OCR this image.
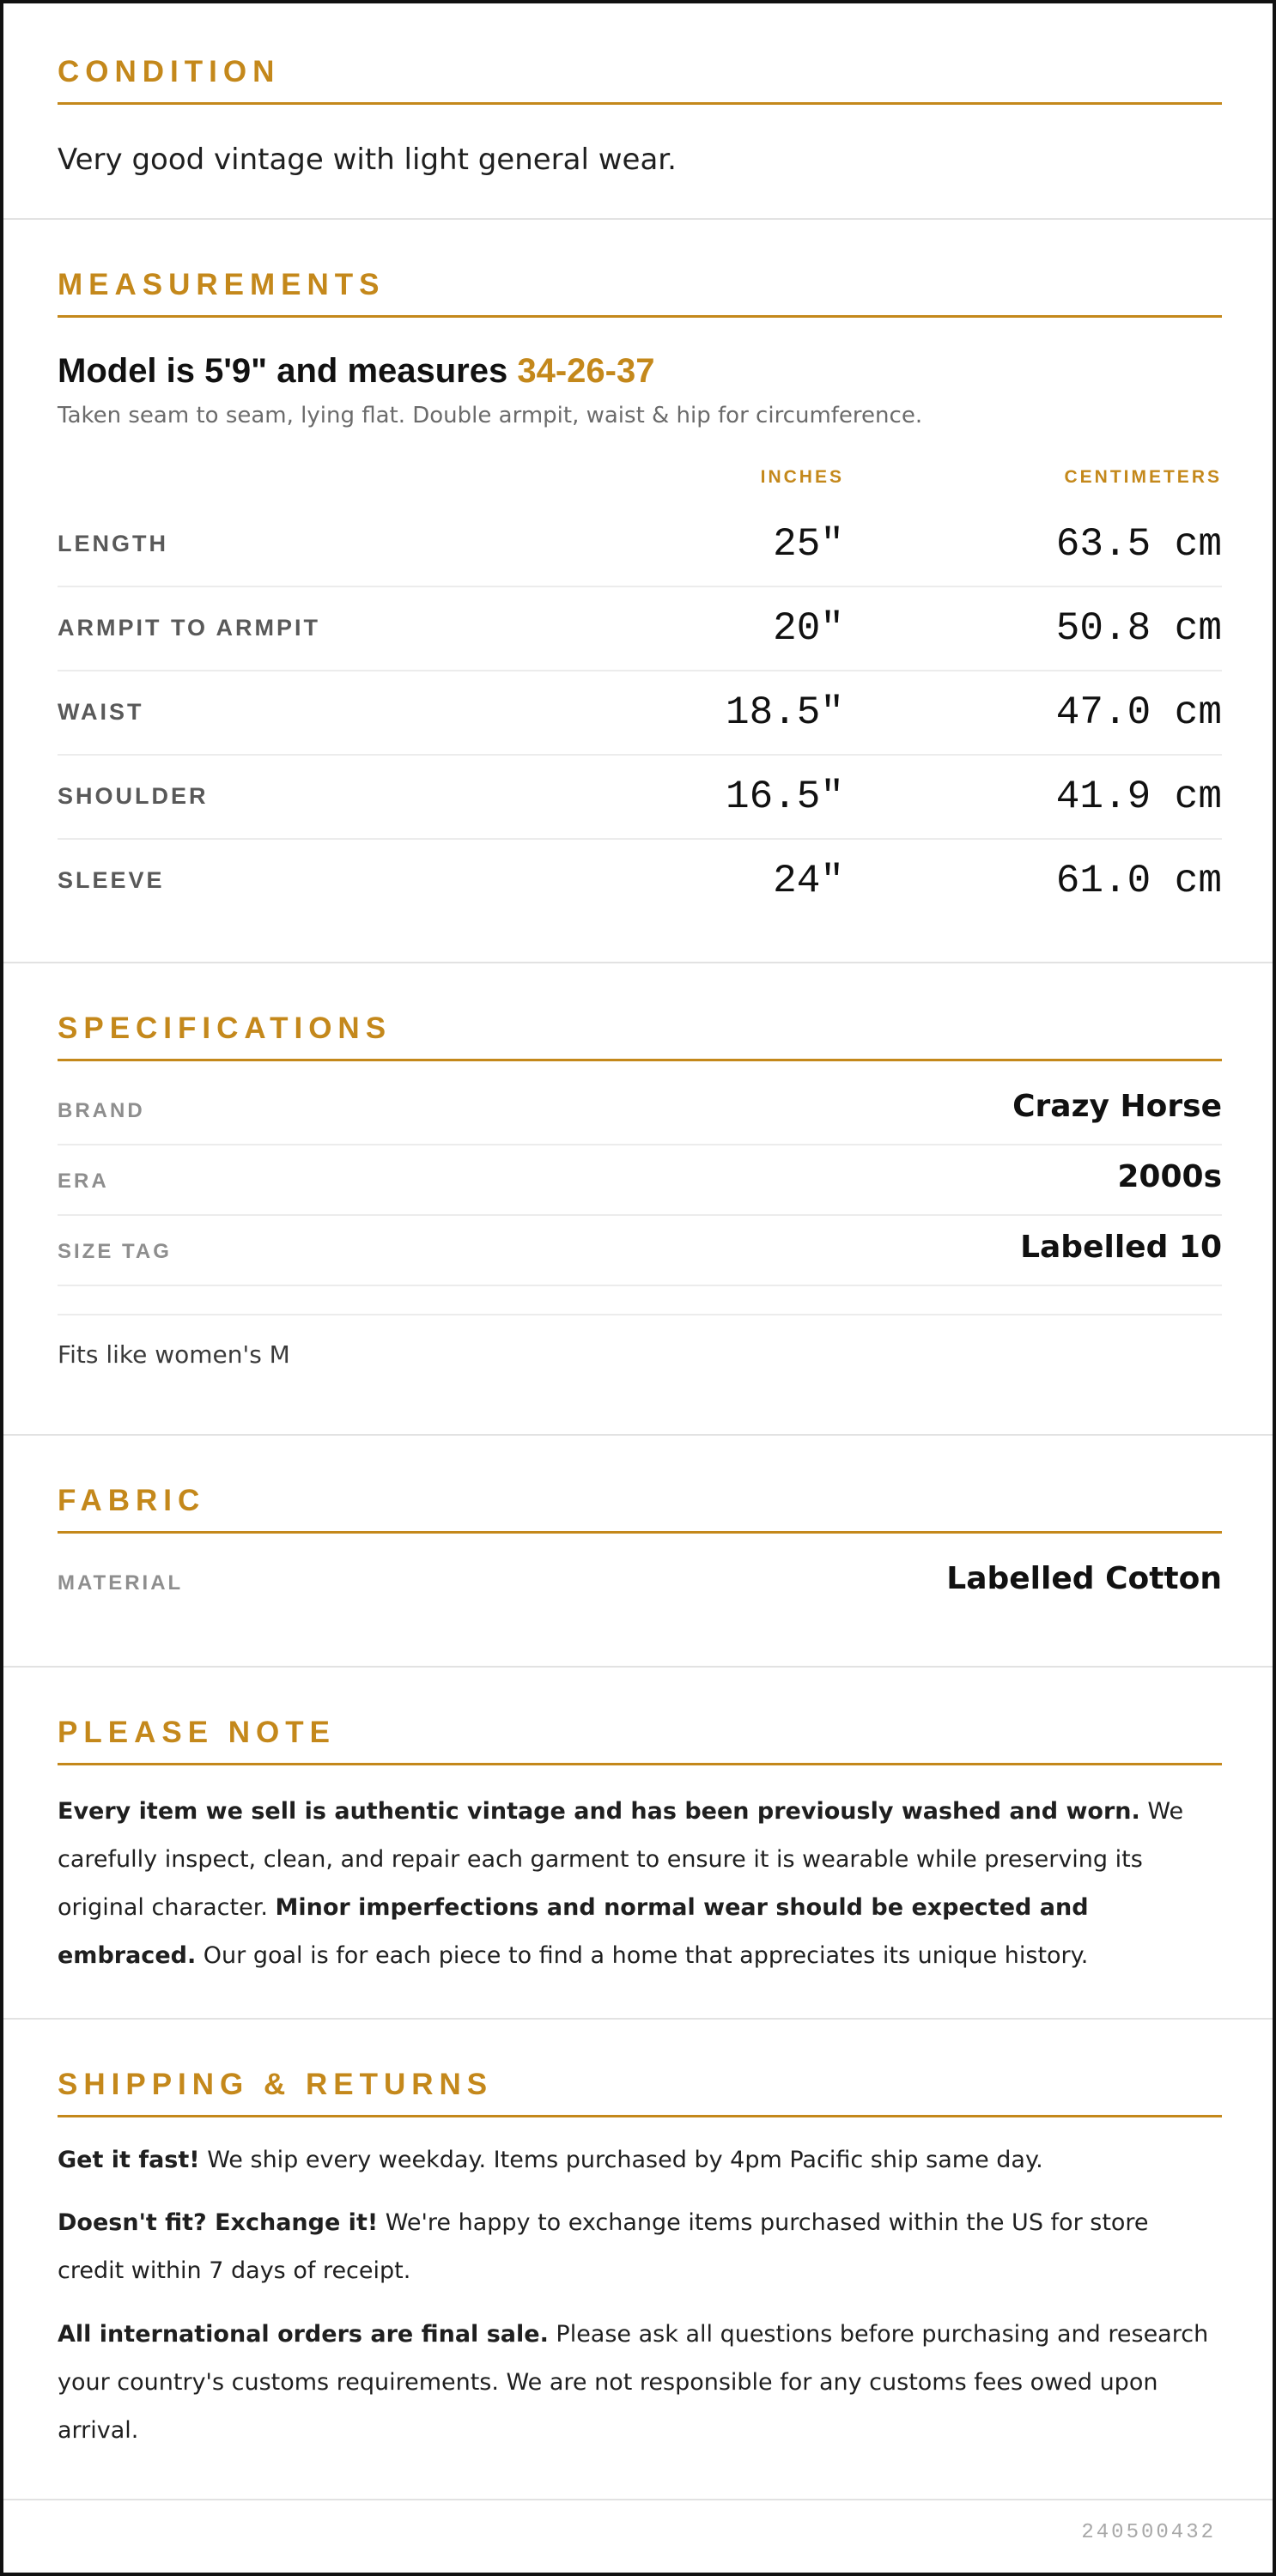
CONDITION
Very good vintage with light general wear.
MEASUREMENTS
Model is 5'9" and measures 34-26-37
Taken seam to seam, lying flat. Double armpit, waist & hip for circumference.
INCHES	CENTIMETERS
LENGTH	25"	63.5 cm
ARMPIT TO ARMPIT	20"	50.8 cm
WAIST	18.5"	47.0 cm
SHOULDER	16.5"	41.9 cm
SLEEVE	24"	61.0 cm
SPECIFICATIONS
BRAND	Crazy Horse
ERA	2000s
SIZE TAG	Labelled 10
Fits like women's M
FABRIC
MATERIAL	Labelled Cotton
PLEASE NOTE

Every item we sell is authentic vintage and has been previously washed and worn. We carefully inspect, clean, and repair each garment to ensure it is wearable while preserving its original character. Minor imperfections and normal wear should be expected and embraced. Our goal is for each piece to find a home that appreciates its unique history.

SHIPPING & RETURNS

Get it fast! We ship every weekday. Items purchased by 4pm Pacific ship same day.

Doesn't fit? Exchange it! We're happy to exchange items purchased within the US for store credit within 7 days of receipt.

All international orders are final sale. Please ask all questions before purchasing and research your country's customs requirements. We are not responsible for any customs fees owed upon arrival.

240500432
